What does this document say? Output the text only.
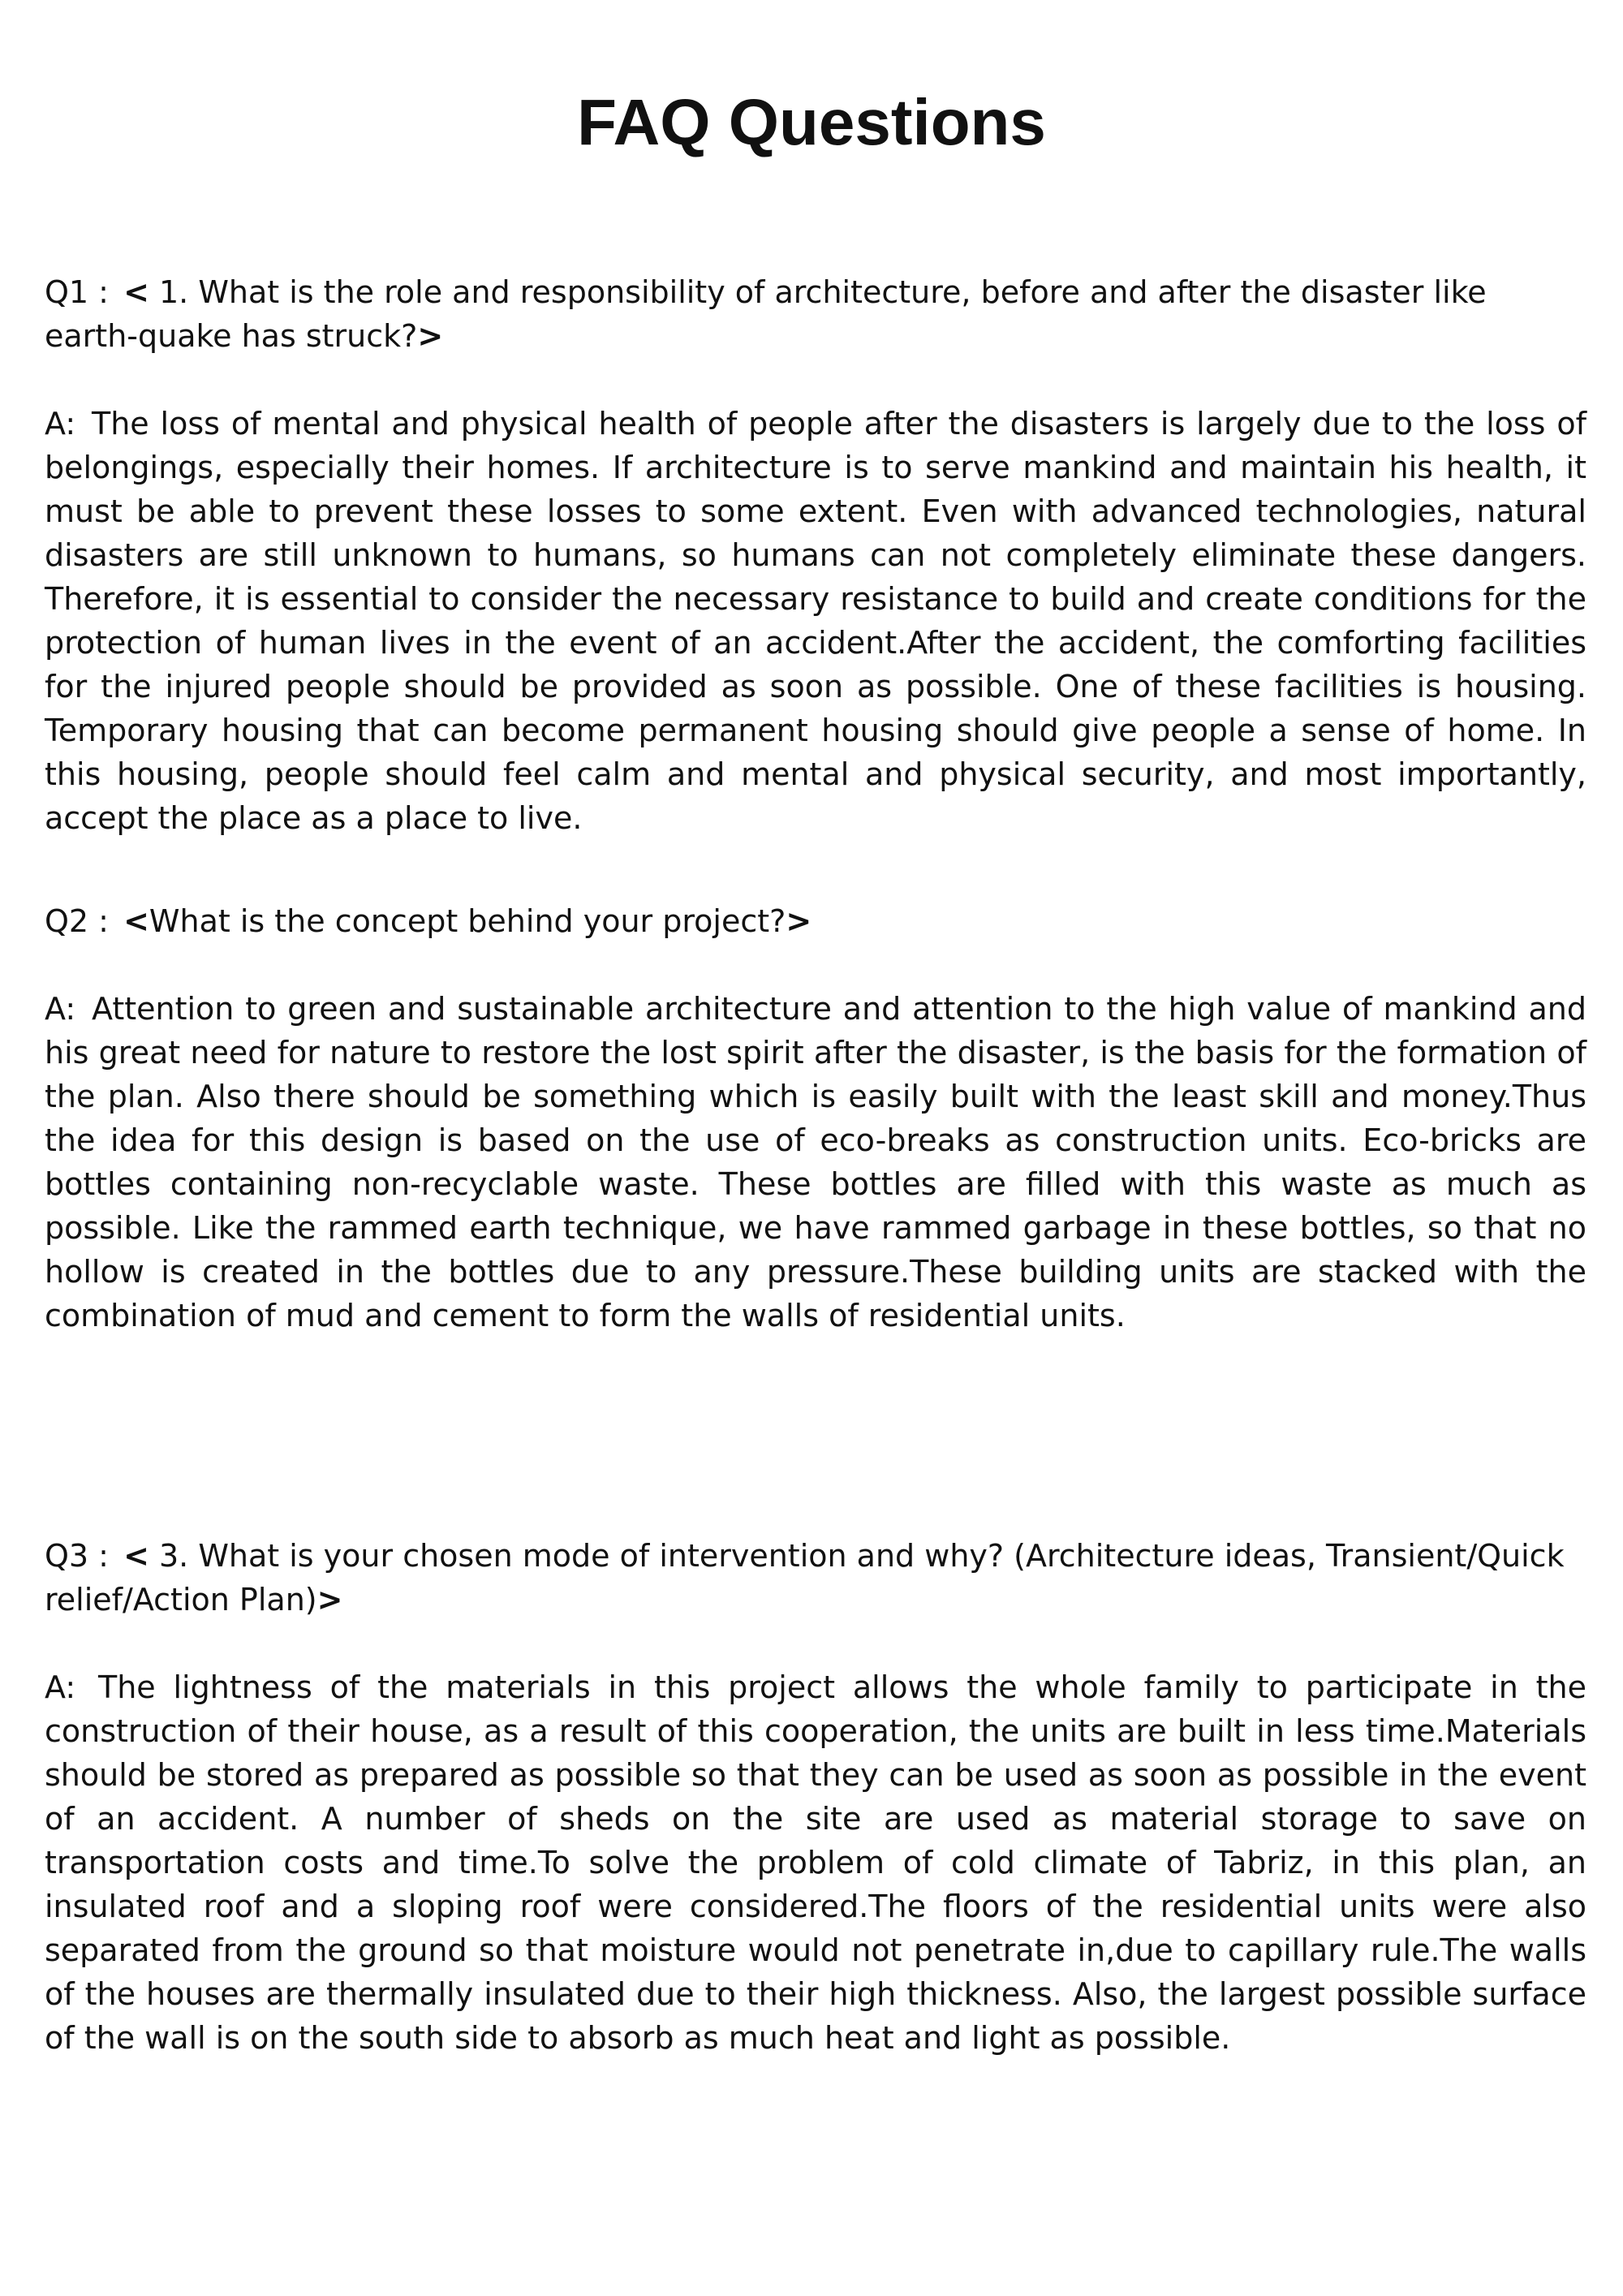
FAQ Questions

Q1 : < 1. What is the role and responsibility of architecture, before and after the disaster like earth-quake has struck?>

A: The loss of mental and physical health of people after the disasters is largely due to the loss of belongings, especially their homes. If architecture is to serve mankind and maintain his health, it must be able to prevent these losses to some extent. Even with advanced technologies, natural disasters are still unknown to humans, so humans can not completely eliminate these dangers. Therefore, it is essential to consider the necessary resistance to build and create conditions for the protection of human lives in the event of an accident.After the accident, the comforting facilities for the injured people should be provided as soon as possible. One of these facilities is housing. Temporary housing that can become permanent housing should give people a sense of home. In this housing, people should feel calm and mental and physical security, and most importantly, accept the place as a place to live.

Q2 : <What is the concept behind your project?>

A: Attention to green and sustainable architecture and attention to the high value of mankind and his great need for nature to restore the lost spirit after the disaster, is the basis for the formation of the plan. Also there should be something which is easily built with the least skill and money.Thus the idea for this design is based on the use of eco-breaks as construction units. Eco-bricks are bottles containing non-recyclable waste. These bottles are filled with this waste as much as possible. Like the rammed earth technique, we have rammed garbage in these bottles, so that no hollow is created in the bottles due to any pressure.These building units are stacked with the combination of mud and cement to form the walls of residential units.

Q3 : < 3. What is your chosen mode of intervention and why? (Architecture ideas, Transient/Quick relief/Action Plan)>

A: The lightness of the materials in this project allows the whole family to participate in the construction of their house, as a result of this cooperation, the units are built in less time.Materials should be stored as prepared as possible so that they can be used as soon as possible in the event of an accident. A number of sheds on the site are used as material storage to save on transportation costs and time.To solve the problem of cold climate of Tabriz, in this plan, an insulated roof and a sloping roof were considered.The floors of the residential units were also separated from the ground so that moisture would not penetrate in,due to capillary rule.The walls of the houses are thermally insulated due to their high thickness. Also, the largest possible surface of the wall is on the south side to absorb as much heat and light as possible.
